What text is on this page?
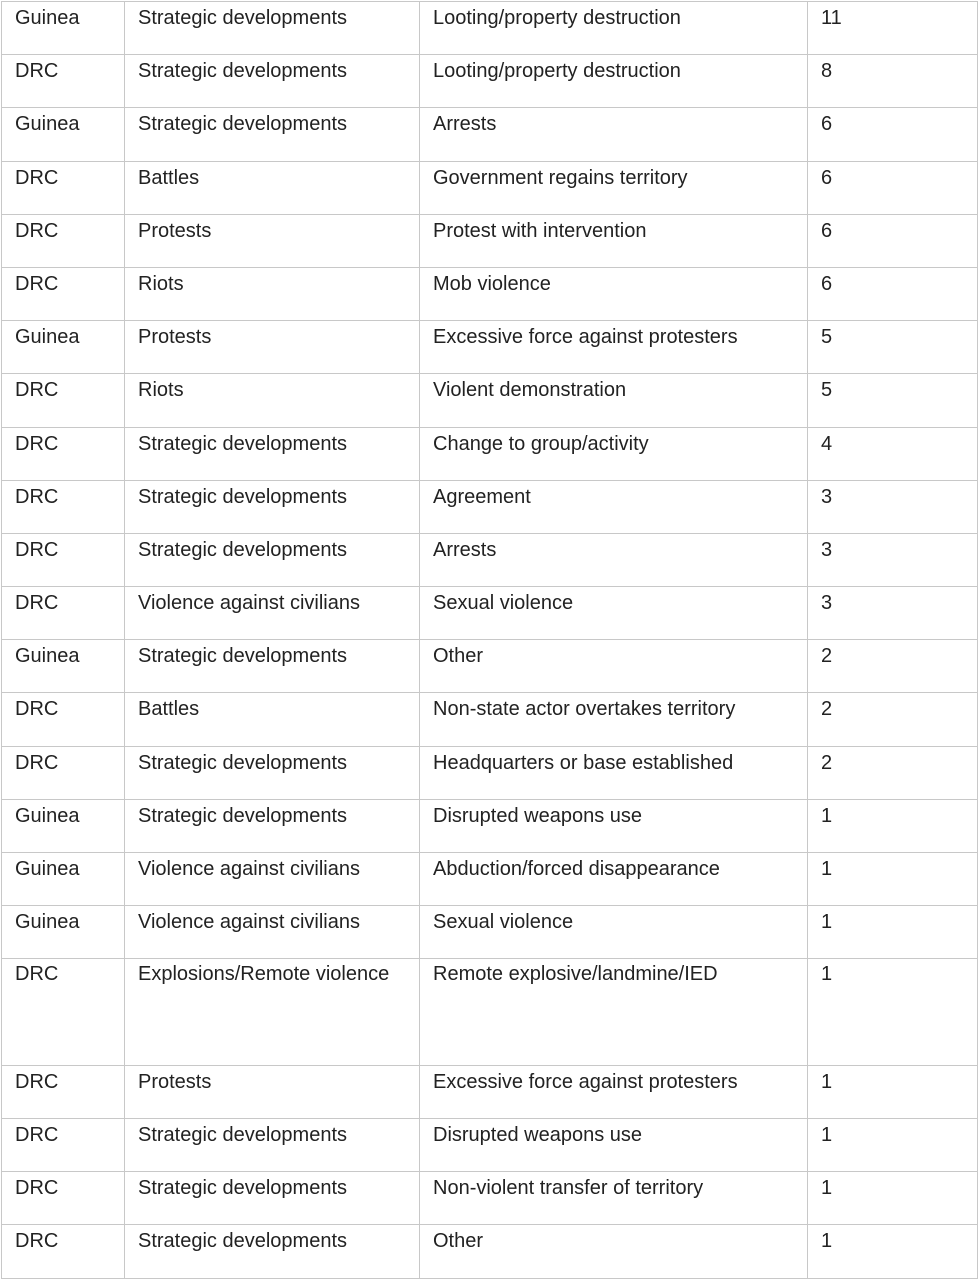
Guinea	Strategic developments	Looting/property destruction	11
DRC	Strategic developments	Looting/property destruction	8
Guinea	Strategic developments	Arrests	6
DRC	Battles	Government regains territory	6
DRC	Protests	Protest with intervention	6
DRC	Riots	Mob violence	6
Guinea	Protests	Excessive force against protesters	5
DRC	Riots	Violent demonstration	5
DRC	Strategic developments	Change to group/activity	4
DRC	Strategic developments	Agreement	3
DRC	Strategic developments	Arrests	3
DRC	Violence against civilians	Sexual violence	3
Guinea	Strategic developments	Other	2
DRC	Battles	Non-state actor overtakes territory	2
DRC	Strategic developments	Headquarters or base established	2
Guinea	Strategic developments	Disrupted weapons use	1
Guinea	Violence against civilians	Abduction/forced disappearance	1
Guinea	Violence against civilians	Sexual violence	1

DRC	Explosions/Remote violence	Remote explosive/landmine/IED	1

DRC	Protests	Excessive force against protesters	1
DRC	Strategic developments	Disrupted weapons use	1
DRC	Strategic developments	Non-violent transfer of territory	1
DRC	Strategic developments	Other	1
